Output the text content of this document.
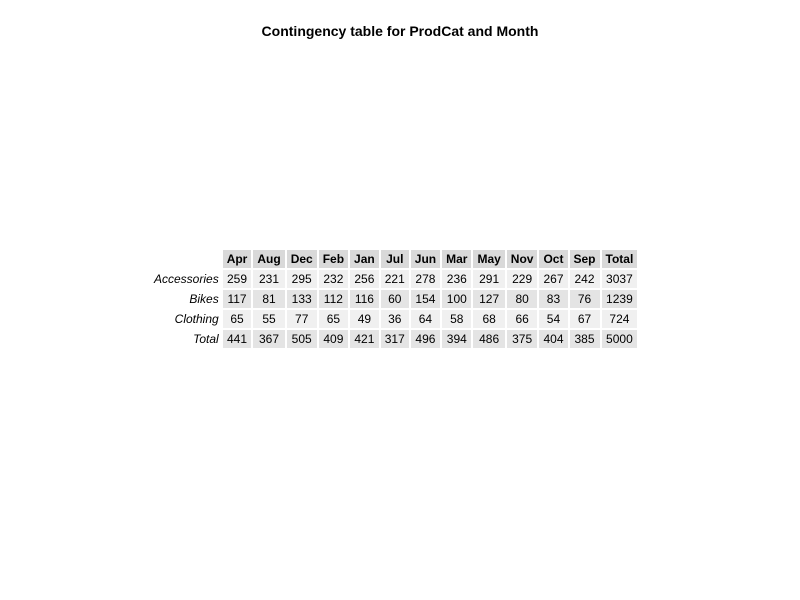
Contingency table for ProdCat and Month
	Apr	Aug	Dec	Feb	Jan	Jul	Jun	Mar	May	Nov	Oct	Sep	Total
Accessories	259	231	295	232	256	221	278	236	291	229	267	242	3037
Bikes	117	81	133	112	116	60	154	100	127	80	83	76	1239
Clothing	65	55	77	65	49	36	64	58	68	66	54	67	724
Total	441	367	505	409	421	317	496	394	486	375	404	385	5000
